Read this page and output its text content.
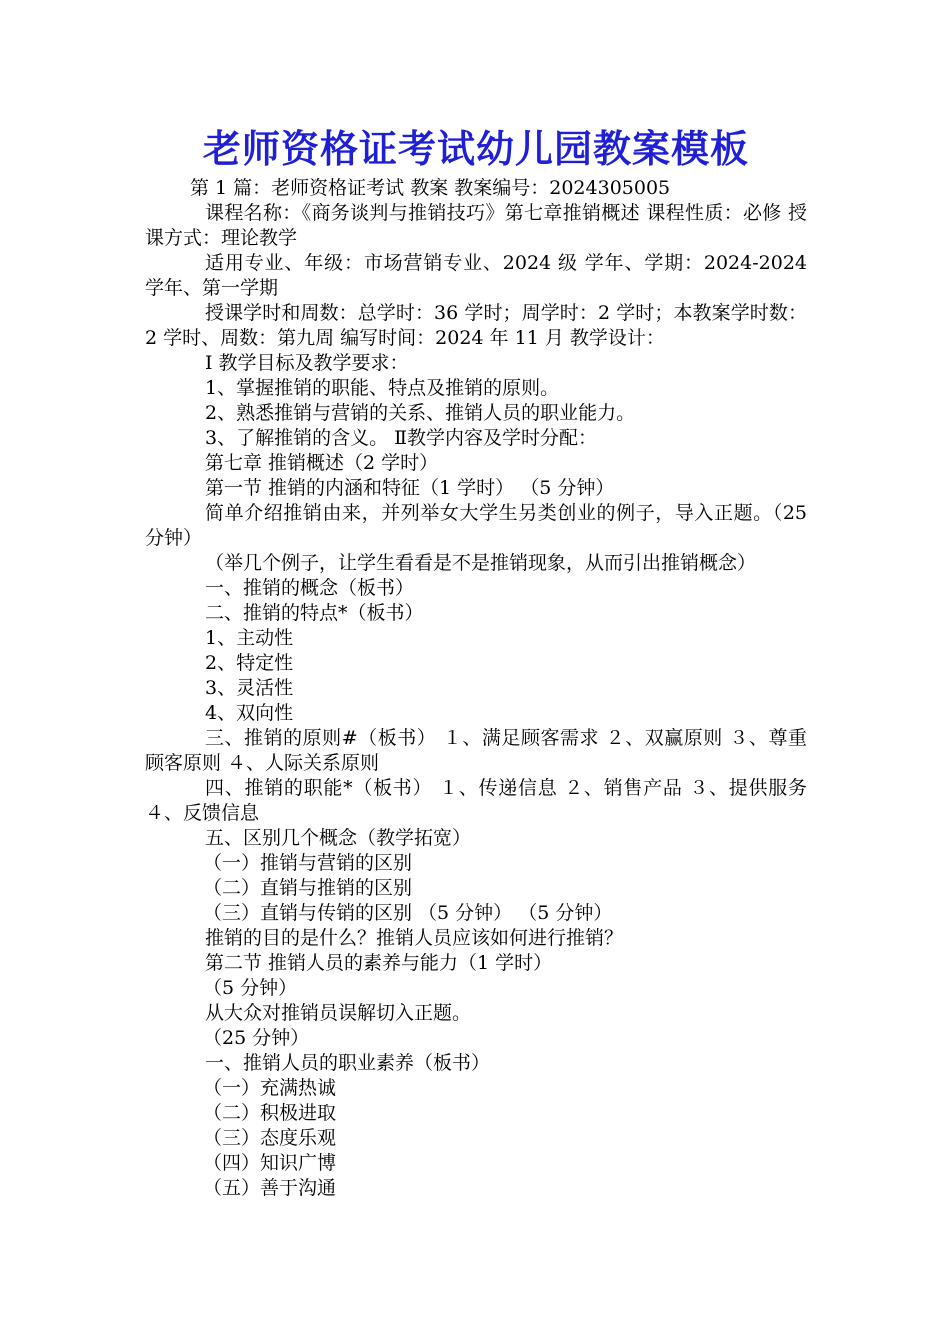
老师资格证考试幼儿园教案模板

第 1 篇：老师资格证考试 教案 教案编号：2024305005

课程名称：《商务谈判与推销技巧》第七章推销概述 课程性质：必修 授课方式：理论教学

适用专业、年级：市场营销专业、2024 级 学年、学期：2024-2024 学年、第一学期

授课学时和周数：总学时：36 学时；周学时：2 学时；本教案学时数：2 学时、周数：第九周 编写时间：2024 年 11 月 教学设计：

Ⅰ 教学目标及教学要求：

1、掌握推销的职能、特点及推销的原则。

2、熟悉推销与营销的关系、推销人员的职业能力。

3、了解推销的含义。 Ⅱ教学内容及学时分配：

第七章 推销概述（2 学时）

第一节 推销的内涵和特征（1 学时） （5 分钟）

简单介绍推销由来，并列举女大学生另类创业的例子，导入正题。（25 分钟）

（举几个例子，让学生看看是不是推销现象，从而引出推销概念）

一、推销的概念（板书）

二、推销的特点*（板书）

1、主动性

2、特定性

3、灵活性

4、双向性

三、推销的原则#（板书） １、满足顾客需求 ２、双赢原则 ３、尊重顾客原则 ４、人际关系原则

四、推销的职能*（板书） １、传递信息 ２、销售产品 ３、提供服务 ４、反馈信息

五、区别几个概念（教学拓宽）

（一）推销与营销的区别

（二）直销与推销的区别

（三）直销与传销的区别 （5 分钟） （5 分钟）

推销的目的是什么？推销人员应该如何进行推销？

第二节 推销人员的素养与能力（1 学时）

（5 分钟）

从大众对推销员误解切入正题。

（25 分钟）

一、推销人员的职业素养（板书）

（一）充满热诚

（二）积极进取

（三）态度乐观

（四）知识广博

（五）善于沟通
